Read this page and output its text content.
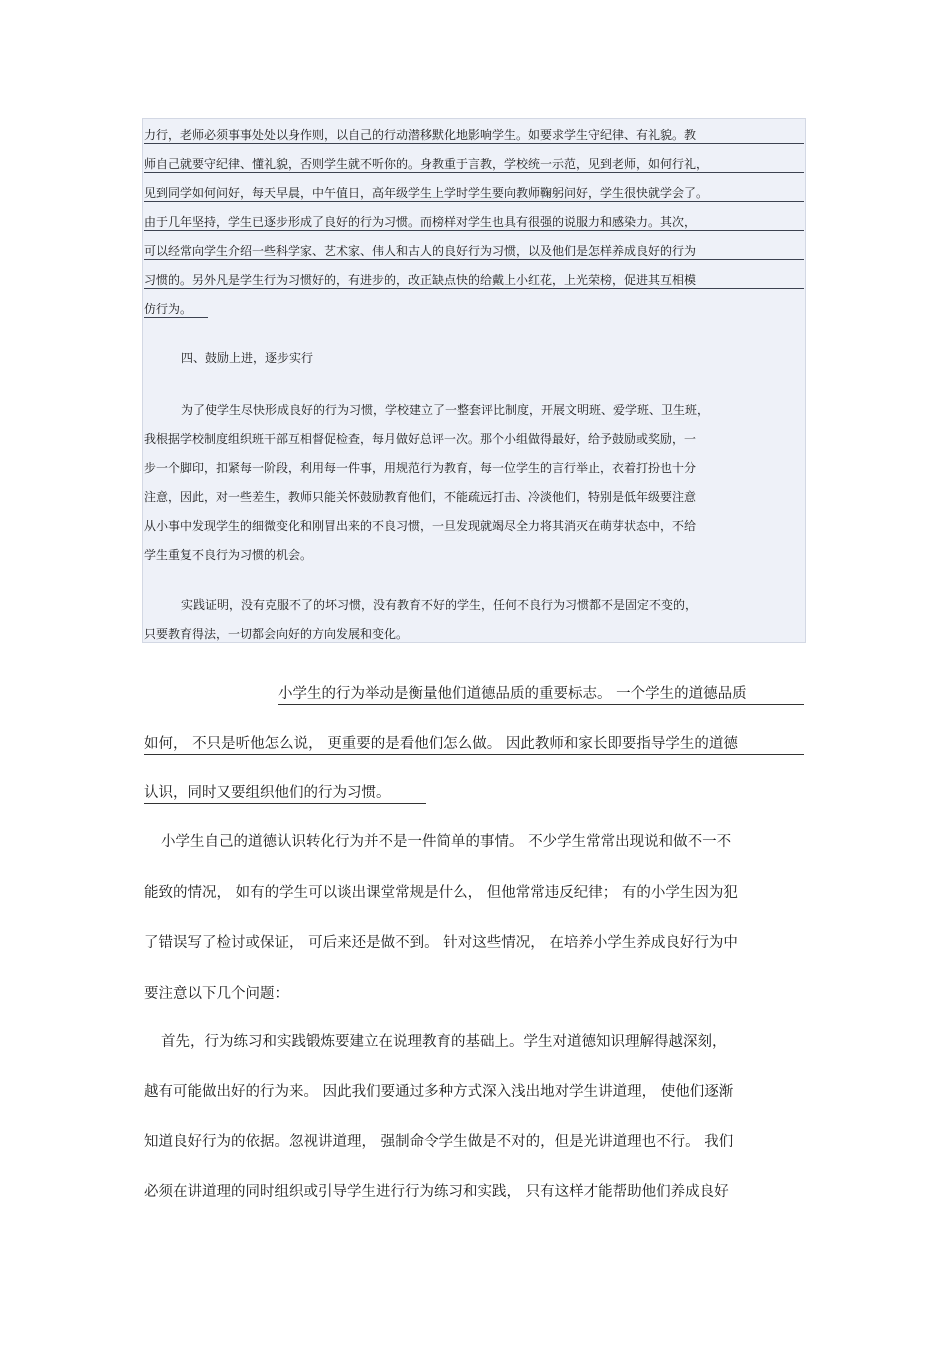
力行，老师必须事事处处以身作则，以自己的行动潜移默化地影响学生。如要求学生守纪律、有礼貌。教
师自己就要守纪律、懂礼貌，否则学生就不听你的。身教重于言教，学校统一示范，见到老师，如何行礼，
见到同学如何问好，每天早晨，中午值日，高年级学生上学时学生要向教师鞠躬问好，学生很快就学会了。
由于几年坚持，学生已逐步形成了良好的行为习惯。而榜样对学生也具有很强的说服力和感染力。其次，
可以经常向学生介绍一些科学家、艺术家、伟人和古人的良好行为习惯，以及他们是怎样养成良好的行为
习惯的。另外凡是学生行为习惯好的，有进步的，改正缺点快的给戴上小红花，上光荣榜，促进其互相模
仿行为。
四、鼓励上进，逐步实行
为了使学生尽快形成良好的行为习惯，学校建立了一整套评比制度，开展文明班、爱学班、卫生班，
我根据学校制度组织班干部互相督促检查，每月做好总评一次。那个小组做得最好，给予鼓励或奖励，一
步一个脚印，扣紧每一阶段，利用每一件事，用规范行为教育，每一位学生的言行举止，衣着打扮也十分
注意，因此，对一些差生，教师只能关怀鼓励教育他们，不能疏远打击、冷淡他们，特别是低年级要注意
从小事中发现学生的细微变化和刚冒出来的不良习惯，一旦发现就竭尽全力将其消灭在萌芽状态中，不给
学生重复不良行为习惯的机会。
实践证明，没有克服不了的坏习惯，没有教育不好的学生，任何不良行为习惯都不是固定不变的，
只要教育得法，一切都会向好的方向发展和变化。
小学生的行为举动是衡量他们道德品质的重要标志。 一个学生的道德品质
如何， 不只是听他怎么说， 更重要的是看他们怎么做。 因此教师和家长即要指导学生的道德
认识，同时又要组织他们的行为习惯。
小学生自己的道德认识转化行为并不是一件简单的事情。 不少学生常常出现说和做不一不
能致的情况， 如有的学生可以谈出课堂常规是什么， 但他常常违反纪律； 有的小学生因为犯
了错误写了检讨或保证， 可后来还是做不到。 针对这些情况， 在培养小学生养成良好行为中
要注意以下几个问题：
首先，行为练习和实践锻炼要建立在说理教育的基础上。学生对道德知识理解得越深刻，
越有可能做出好的行为来。 因此我们要通过多种方式深入浅出地对学生讲道理， 使他们逐渐
知道良好行为的依据。忽视讲道理， 强制命令学生做是不对的，但是光讲道理也不行。 我们
必须在讲道理的同时组织或引导学生进行行为练习和实践， 只有这样才能帮助他们养成良好
